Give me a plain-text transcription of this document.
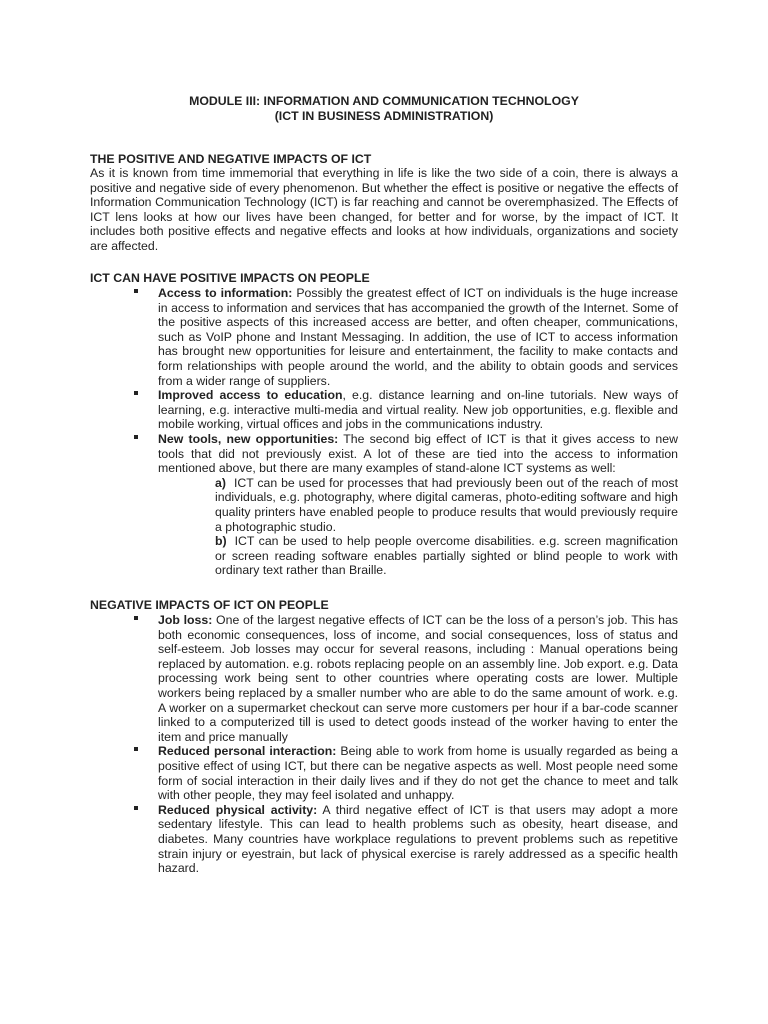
MODULE III: INFORMATION AND COMMUNICATION TECHNOLOGY
(ICT IN BUSINESS ADMINISTRATION)
THE POSITIVE AND NEGATIVE IMPACTS OF ICT

As it is known from time immemorial that everything in life is like the two side of a coin, there is always a positive and negative side of every phenomenon. But whether the effect is positive or negative the effects of Information Communication Technology (ICT) is far reaching and cannot be overemphasized. The Effects of ICT lens looks at how our lives have been changed, for better and for worse, by the impact of ICT. It includes both positive effects and negative effects and looks at how individuals, organizations and society are affected.

ICT CAN HAVE POSITIVE IMPACTS ON PEOPLE
Access to information: Possibly the greatest effect of ICT on individuals is the huge increase in access to information and services that has accompanied the growth of the Internet. Some of the positive aspects of this increased access are better, and often cheaper, communications, such as VoIP phone and Instant Messaging. In addition, the use of ICT to access information has brought new opportunities for leisure and entertainment, the facility to make contacts and form relationships with people around the world, and the ability to obtain goods and services from a wider range of suppliers.
Improved access to education, e.g. distance learning and on-line tutorials. New ways of learning, e.g. interactive multi-media and virtual reality. New job opportunities, e.g. flexible and mobile working, virtual offices and jobs in the communications industry.
New tools, new opportunities: The second big effect of ICT is that it gives access to new tools that did not previously exist. A lot of these are tied into the access to information mentioned above, but there are many examples of stand-alone ICT systems as well:
a) ICT can be used for processes that had previously been out of the reach of most individuals, e.g. photography, where digital cameras, photo-editing software and high quality printers have enabled people to produce results that would previously require a photographic studio.
b) ICT can be used to help people overcome disabilities. e.g. screen magnification or screen reading software enables partially sighted or blind people to work with ordinary text rather than Braille.
NEGATIVE IMPACTS OF ICT ON PEOPLE
Job loss: One of the largest negative effects of ICT can be the loss of a person’s job. This has both economic consequences, loss of income, and social consequences, loss of status and self-esteem. Job losses may occur for several reasons, including : Manual operations being replaced by automation. e.g. robots replacing people on an assembly line. Job export. e.g. Data processing work being sent to other countries where operating costs are lower. Multiple workers being replaced by a smaller number who are able to do the same amount of work. e.g. A worker on a supermarket checkout can serve more customers per hour if a bar-code scanner linked to a computerized till is used to detect goods instead of the worker having to enter the item and price manually
Reduced personal interaction: Being able to work from home is usually regarded as being a positive effect of using ICT, but there can be negative aspects as well. Most people need some form of social interaction in their daily lives and if they do not get the chance to meet and talk with other people, they may feel isolated and unhappy.
Reduced physical activity: A third negative effect of ICT is that users may adopt a more sedentary lifestyle. This can lead to health problems such as obesity, heart disease, and diabetes. Many countries have workplace regulations to prevent problems such as repetitive strain injury or eyestrain, but lack of physical exercise is rarely addressed as a specific health hazard.
